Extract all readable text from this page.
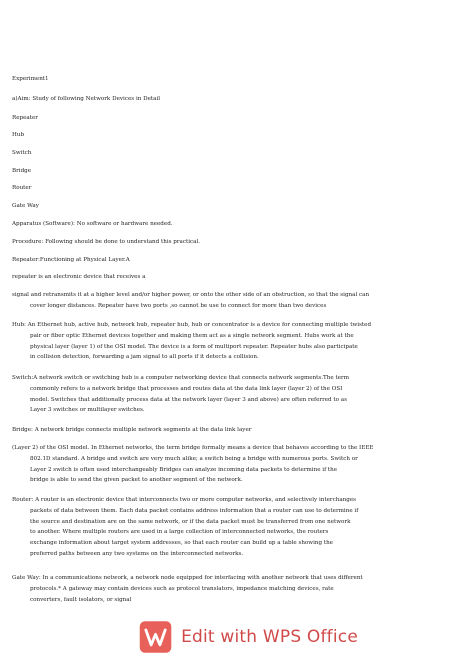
Experiment1
a)Aim: Study of following Network Devices in Detail
Repeater
Hub
Switch
Bridge
Router
Gate Way
Apparatus (Software): No software or hardware needed.
Procedure: Following should be done to understand this practical.
Repeater:Functioning at Physical Layer.A
repeater is an electronic device that receives a
signal and retransmits it at a higher level and/or higher power, or onto the other side of an obstruction, so that the signal can
cover longer distances. Repeater have two ports ,so cannot be use to connect for more than two devices
Hub: An Ethernet hub, active hub, network hub, repeater hub, hub or concentrator is a device for connecting multiple twisted
pair or fiber optic Ethernet devices together and making them act as a single network segment. Hubs work at the
physical layer (layer 1) of the OSI model. The device is a form of multiport repeater. Repeater hubs also participate
in collision detection, forwarding a jam signal to all ports if it detects a collision.
Switch:A network switch or switching hub is a computer networking device that connects network segments.The term
commonly refers to a network bridge that processes and routes data at the data link layer (layer 2) of the OSI
model. Switches that additionally process data at the network layer (layer 3 and above) are often referred to as
Layer 3 switches or multilayer switches.
Bridge: A network bridge connects multiple network segments at the data link layer
(Layer 2) of the OSI model. In Ethernet networks, the term bridge formally means a device that behaves according to the IEEE
802.1D standard. A bridge and switch are very much alike; a switch being a bridge with numerous ports. Switch or
Layer 2 switch is often used interchangeably Bridges can analyze incoming data packets to determine if the
bridge is able to send the given packet to another segment of the network.
Router: A router is an electronic device that interconnects two or more computer networks, and selectively interchanges
packets of data between them. Each data packet contains address information that a router can use to determine if
the source and destination are on the same network, or if the data packet must be transferred from one network
to another. Where multiple routers are used in a large collection of interconnected networks, the routers
exchange information about target system addresses, so that each router can build up a table showing the
preferred paths between any two systems on the interconnected networks.
Gate Way: In a communications network, a network node equipped for interfacing with another network that uses different
protocols.* A gateway may contain devices such as protocol translators, impedance matching devices, rate
converters, fault isolators, or signal
Edit with WPS Office
